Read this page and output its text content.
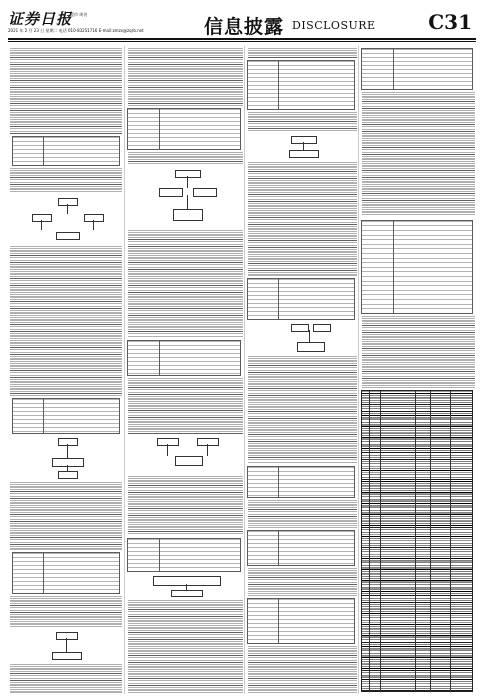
证券日报
股市 周刊
2021 年 2 月 23 日 星期二 电话 010-83251716 E-mail:zmzx@zqrb.net	信息披露 DISCLOSURE	C31
